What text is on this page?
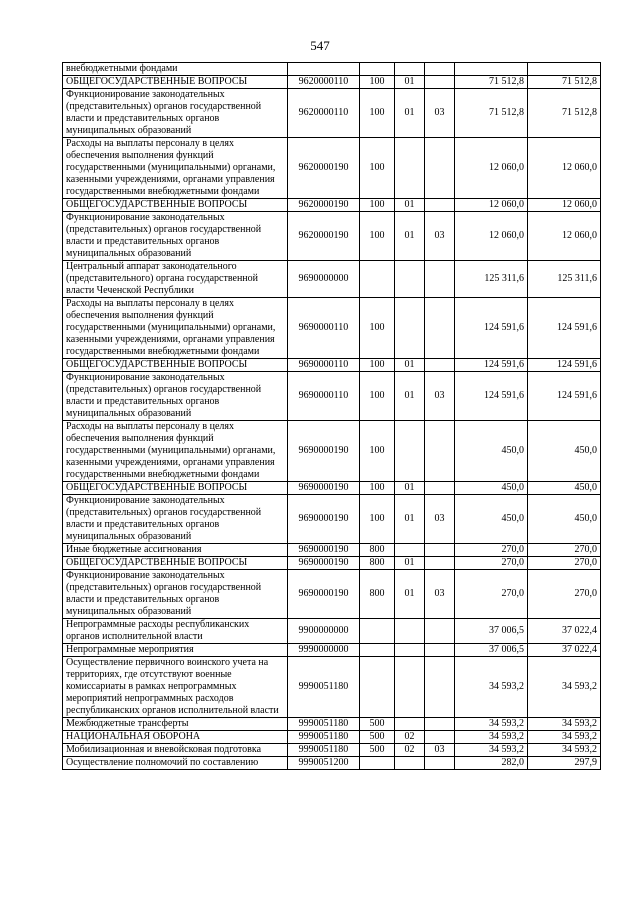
547
внебюджетными фондами						
ОБЩЕГОСУДАРСТВЕННЫЕ ВОПРОСЫ	9620000110	100	01		71 512,8	71 512,8
Функционирование законодательных (представительных) органов государственной власти и представительных органов муниципальных образований	9620000110	100	01	03	71 512,8	71 512,8
Расходы на выплаты персоналу в целях обеспечения выполнения функций государственными (муниципальными) органами, казенными учреждениями, органами управления государственными внебюджетными фондами	9620000190	100			12 060,0	12 060,0
ОБЩЕГОСУДАРСТВЕННЫЕ ВОПРОСЫ	9620000190	100	01		12 060,0	12 060,0
Функционирование законодательных (представительных) органов государственной власти и представительных органов муниципальных образований	9620000190	100	01	03	12 060,0	12 060,0
Центральный аппарат законодательного (представительного) органа государственной власти Чеченской Республики	9690000000				125 311,6	125 311,6
Расходы на выплаты персоналу в целях обеспечения выполнения функций государственными (муниципальными) органами, казенными учреждениями, органами управления государственными внебюджетными фондами	9690000110	100			124 591,6	124 591,6
ОБЩЕГОСУДАРСТВЕННЫЕ ВОПРОСЫ	9690000110	100	01		124 591,6	124 591,6
Функционирование законодательных (представительных) органов государственной власти и представительных органов муниципальных образований	9690000110	100	01	03	124 591,6	124 591,6
Расходы на выплаты персоналу в целях обеспечения выполнения функций государственными (муниципальными) органами, казенными учреждениями, органами управления государственными внебюджетными фондами	9690000190	100			450,0	450,0
ОБЩЕГОСУДАРСТВЕННЫЕ ВОПРОСЫ	9690000190	100	01		450,0	450,0
Функционирование законодательных (представительных) органов государственной власти и представительных органов муниципальных образований	9690000190	100	01	03	450,0	450,0
Иные бюджетные ассигнования	9690000190	800			270,0	270,0
ОБЩЕГОСУДАРСТВЕННЫЕ ВОПРОСЫ	9690000190	800	01		270,0	270,0
Функционирование законодательных (представительных) органов государственной власти и представительных органов муниципальных образований	9690000190	800	01	03	270,0	270,0
Непрограммные расходы республиканских органов исполнительной власти	9900000000				37 006,5	37 022,4
Непрограммные мероприятия	9990000000				37 006,5	37 022,4
Осуществление первичного воинского учета на территориях, где отсутствуют военные комиссариаты в рамках непрограммных мероприятий непрограммных расходов республиканских органов исполнительной власти	9990051180				34 593,2	34 593,2
Межбюджетные трансферты	9990051180	500			34 593,2	34 593,2
НАЦИОНАЛЬНАЯ ОБОРОНА	9990051180	500	02		34 593,2	34 593,2
Мобилизационная и вневойсковая подготовка	9990051180	500	02	03	34 593,2	34 593,2
Осуществление полномочий по составлению	9990051200				282,0	297,9
